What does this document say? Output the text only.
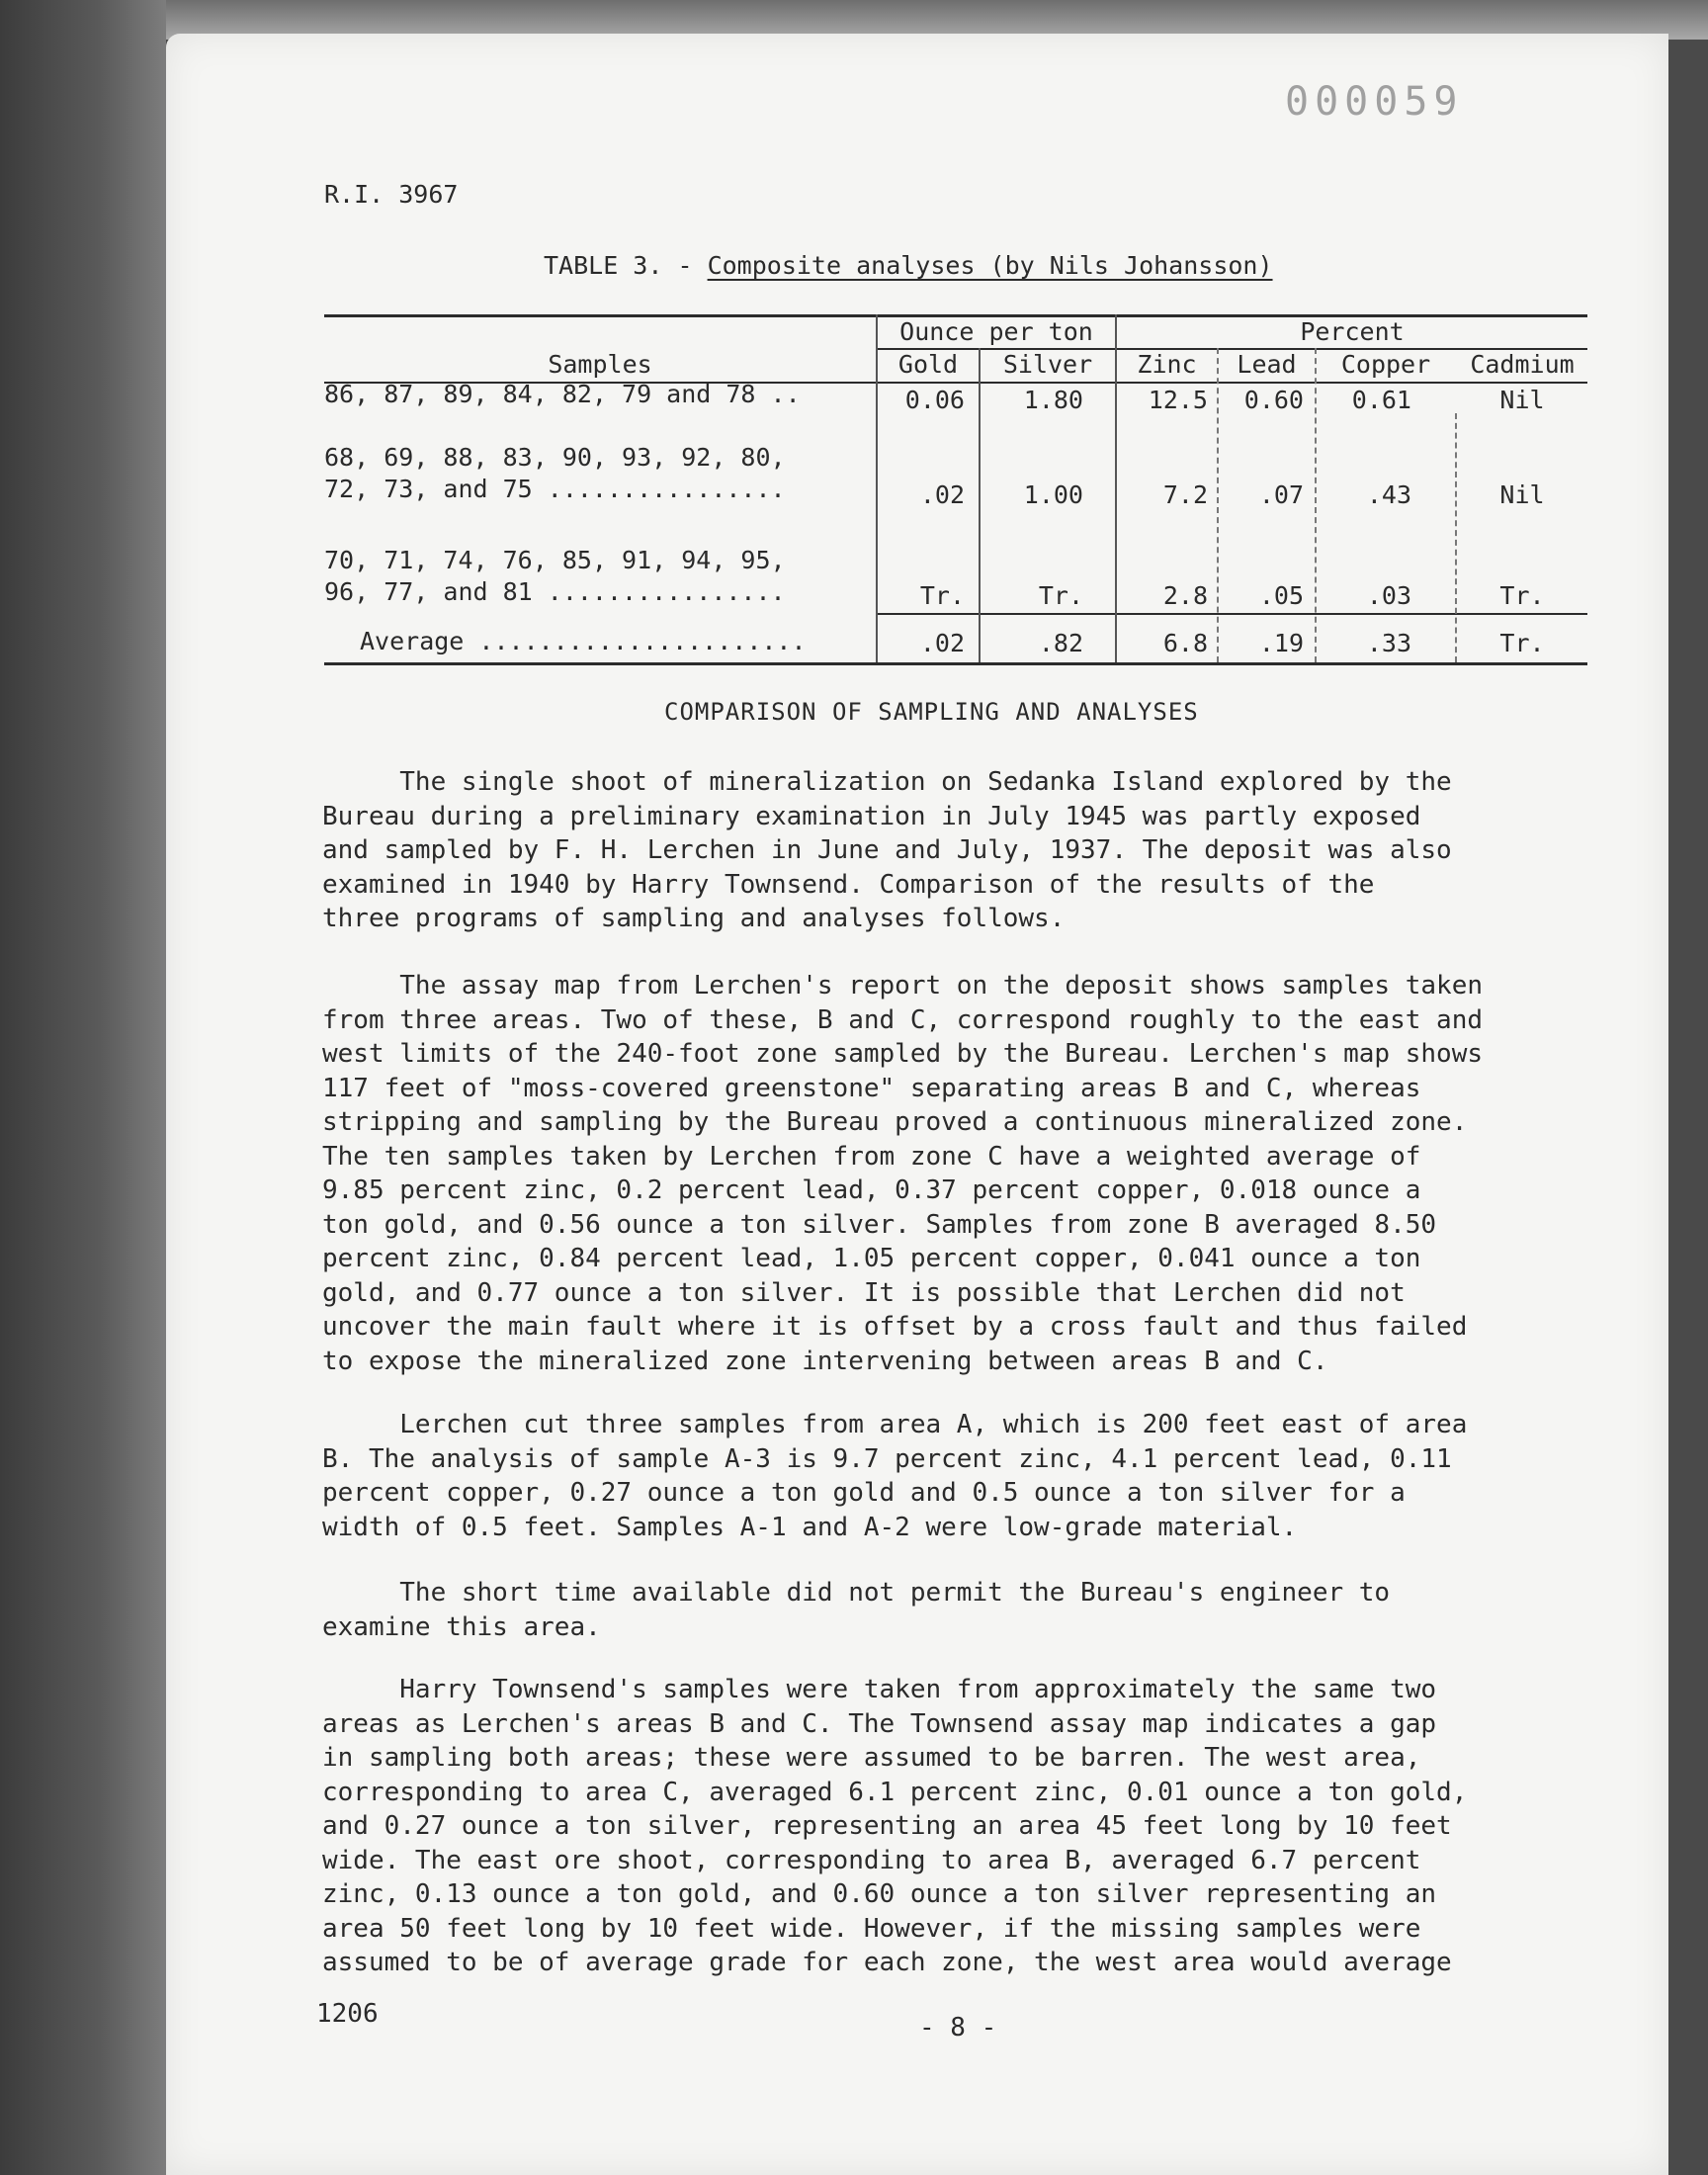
000059
R.I. 3967
TABLE 3. - Composite analyses (by Nils Johansson)
Ounce per ton	Percent
Samples	Gold	Silver	Zinc	Lead	Copper	Cadmium
86, 87, 89, 84, 82, 79 and 78 ..	0.06	1.80	12.5	0.60	0.61	Nil
68, 69, 88, 83, 90, 93, 92, 80,
72, 73, and 75 ................	.02	1.00	7.2	.07	.43	Nil
70, 71, 74, 76, 85, 91, 94, 95,
96, 77, and 81 ................	Tr.	Tr.	2.8	.05	.03	Tr.
Average ......................	.02	.82	6.8	.19	.33	Tr.
COMPARISON OF SAMPLING AND ANALYSES

The single shoot of mineralization on Sedanka Island explored by the
Bureau during a preliminary examination in July 1945 was partly exposed
and sampled by F. H. Lerchen in June and July, 1937. The deposit was also
examined in 1940 by Harry Townsend. Comparison of the results of the
three programs of sampling and analyses follows.

The assay map from Lerchen's report on the deposit shows samples taken
from three areas. Two of these, B and C, correspond roughly to the east and
west limits of the 240-foot zone sampled by the Bureau. Lerchen's map shows
117 feet of "moss-covered greenstone" separating areas B and C, whereas
stripping and sampling by the Bureau proved a continuous mineralized zone.
The ten samples taken by Lerchen from zone C have a weighted average of
9.85 percent zinc, 0.2 percent lead, 0.37 percent copper, 0.018 ounce a
ton gold, and 0.56 ounce a ton silver. Samples from zone B averaged 8.50
percent zinc, 0.84 percent lead, 1.05 percent copper, 0.041 ounce a ton
gold, and 0.77 ounce a ton silver. It is possible that Lerchen did not
uncover the main fault where it is offset by a cross fault and thus failed
to expose the mineralized zone intervening between areas B and C.

Lerchen cut three samples from area A, which is 200 feet east of area
B. The analysis of sample A-3 is 9.7 percent zinc, 4.1 percent lead, 0.11
percent copper, 0.27 ounce a ton gold and 0.5 ounce a ton silver for a
width of 0.5 feet. Samples A-1 and A-2 were low-grade material.

The short time available did not permit the Bureau's engineer to
examine this area.

Harry Townsend's samples were taken from approximately the same two
areas as Lerchen's areas B and C. The Townsend assay map indicates a gap
in sampling both areas; these were assumed to be barren. The west area,
corresponding to area C, averaged 6.1 percent zinc, 0.01 ounce a ton gold,
and 0.27 ounce a ton silver, representing an area 45 feet long by 10 feet
wide. The east ore shoot, corresponding to area B, averaged 6.7 percent
zinc, 0.13 ounce a ton gold, and 0.60 ounce a ton silver representing an
area 50 feet long by 10 feet wide. However, if the missing samples were
assumed to be of average grade for each zone, the west area would average

1206	- 8 -
